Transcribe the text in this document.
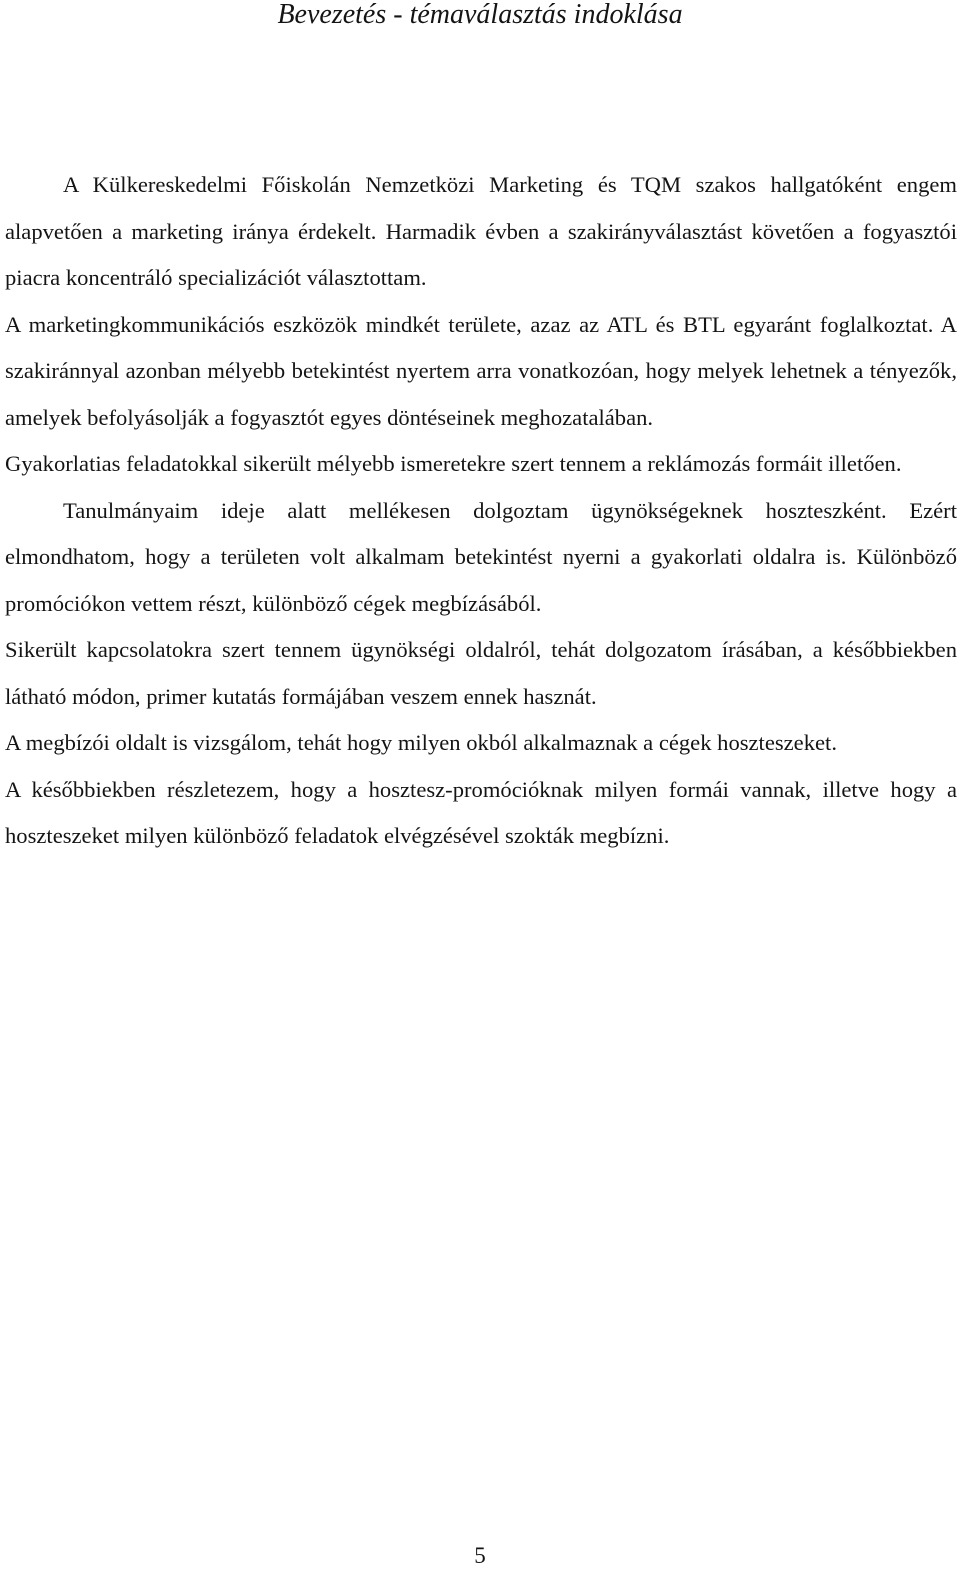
Bevezetés - témaválasztás indoklása

A Külkereskedelmi Főiskolán Nemzetközi Marketing és TQM szakos hallgatóként engem alapvetően a marketing iránya érdekelt. Harmadik évben a szakirányválasztást követően a fogyasztói piacra koncentráló specializációt választottam.

A marketingkommunikációs eszközök mindkét területe, azaz az ATL és BTL egyaránt foglalkoztat. A szakiránnyal azonban mélyebb betekintést nyertem arra vonatkozóan, hogy melyek lehetnek a tényezők, amelyek befolyásolják a fogyasztót egyes döntéseinek meghozatalában.

Gyakorlatias feladatokkal sikerült mélyebb ismeretekre szert tennem a reklámozás formáit illetően.

Tanulmányaim ideje alatt mellékesen dolgoztam ügynökségeknek hoszteszként. Ezért elmondhatom, hogy a területen volt alkalmam betekintést nyerni a gyakorlati oldalra is. Különböző promóciókon vettem részt, különböző cégek megbízásából.

Sikerült kapcsolatokra szert tennem ügynökségi oldalról, tehát dolgozatom írásában, a későbbiekben látható módon, primer kutatás formájában veszem ennek hasznát.

A megbízói oldalt is vizsgálom, tehát hogy milyen okból alkalmaznak a cégek hoszteszeket.

A későbbiekben részletezem, hogy a hosztesz-promócióknak milyen formái vannak, illetve hogy a hoszteszeket milyen különböző feladatok elvégzésével szokták megbízni.

5
